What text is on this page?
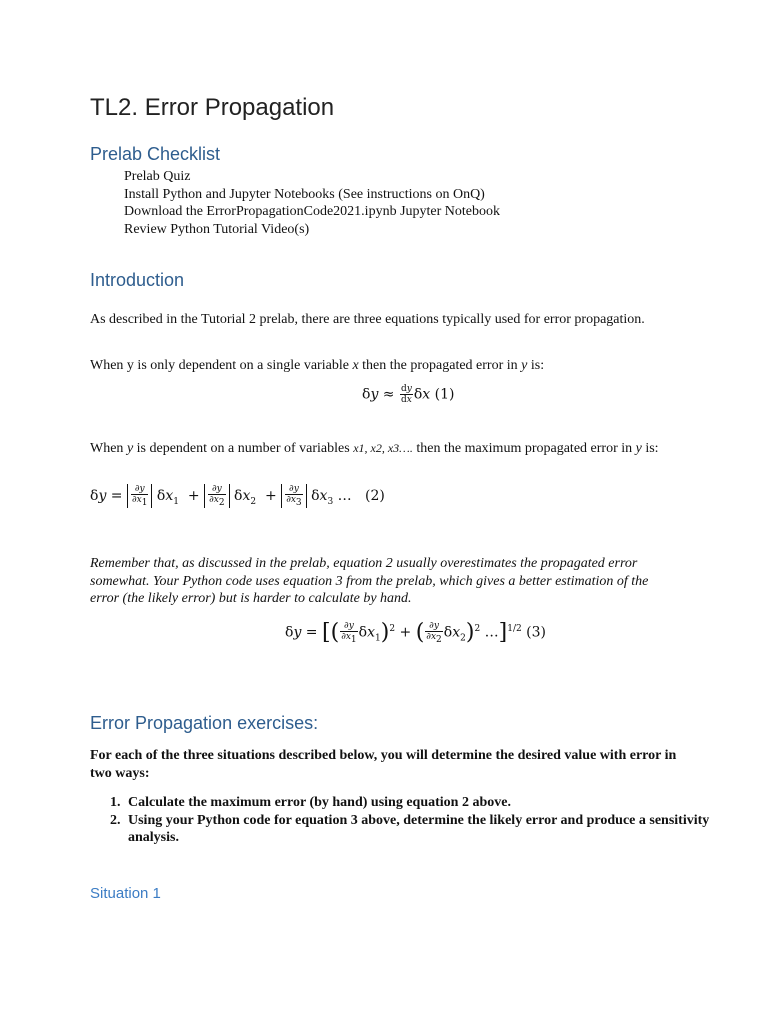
TL2. Error Propagation
Prelab Checklist
Prelab Quiz
Install Python and Jupyter Notebooks (See instructions on OnQ)
Download the ErrorPropagationCode2021.ipynb Jupyter Notebook
Review Python Tutorial Video(s)
Introduction

As described in the Tutorial 2 prelab, there are three equations typically used for error propagation.

When y is only dependent on a single variable x then the propagated error in y is:

$\delta y \approx \frac{dy}{dx}$ δx (1)

When y is dependent on a number of variables x1, x2, x3…. then the maximum propagated error in y is:

$\delta y = \frac{\partial y}{\partial x1} \delta x_1 + \frac{\partial y}{\partial x2} \delta x_2 + \frac{\partial y}{\partial x3} \delta x_3$ …   (2)

Remember that, as discussed in the prelab, equation 2 usually overestimates the propagated error somewhat. Your Python code uses equation 3 from the prelab, which gives a better estimation of the error (the likely error) but is harder to calculate by hand.

δy = [( $\frac{\partial y}{\partial x1} \delta x_1)^2$ + ( $\frac{\partial y}{\partial x2} \delta x_2)^2$ …]$^{1/2}$ (3)
Error Propagation exercises:

For each of the three situations described below, you will determine the desired value with error in two ways:

1. Calculate the maximum error (by hand) using equation 2 above.
2. Using your Python code for equation 3 above, determine the likely error and produce a sensitivity analysis.
Situation 1
